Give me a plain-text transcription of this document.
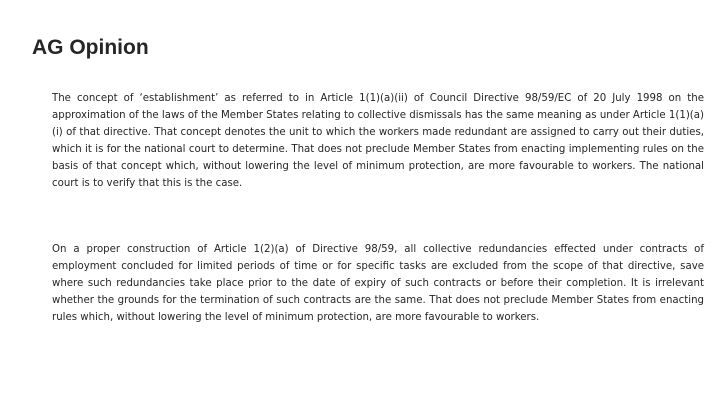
AG Opinion

The concept of ‘establishment’ as referred to in Article 1(1)(a)(ii) of Council Directive 98/59/EC of 20 July 1998 on the approximation of the laws of the Member States relating to collective dismissals has the same meaning as under Article 1(1)(a)(i) of that directive. That concept denotes the unit to which the workers made redundant are assigned to carry out their duties, which it is for the national court to determine. That does not preclude Member States from enacting implementing rules on the basis of that concept which, without lowering the level of minimum protection, are more favourable to workers. The national court is to verify that this is the case.

On a proper construction of Article 1(2)(a) of Directive 98/59, all collective redundancies effected under contracts of employment concluded for limited periods of time or for specific tasks are excluded from the scope of that directive, save where such redundancies take place prior to the date of expiry of such contracts or before their completion. It is irrelevant whether the grounds for the termination of such contracts are the same. That does not preclude Member States from enacting rules which, without lowering the level of minimum protection, are more favourable to workers.
